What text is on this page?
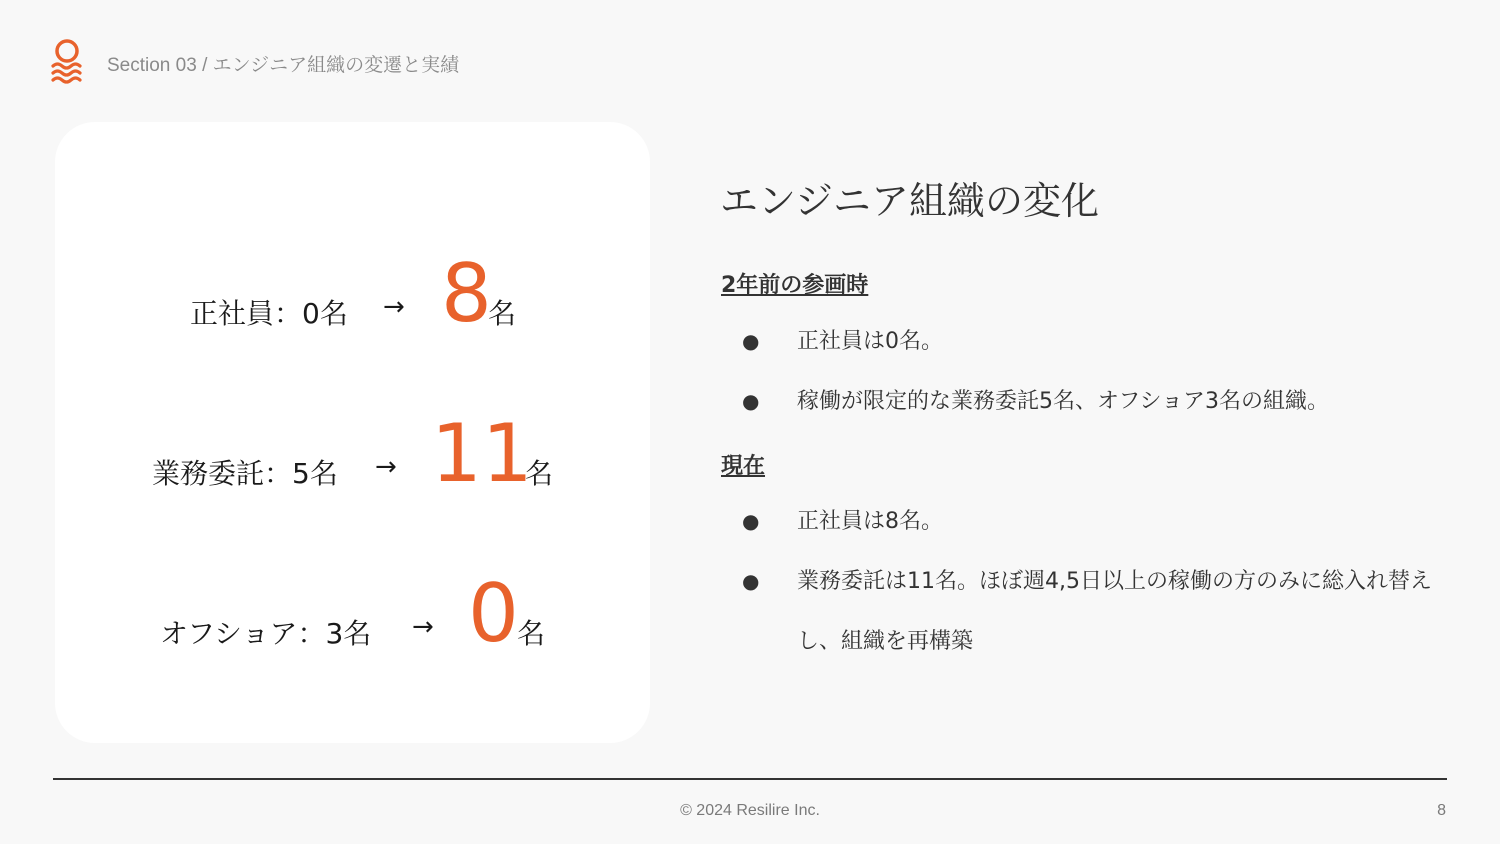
Section 03 / エンジニア組織の変遷と実績
正社員：0名 → 8
名
業務委託：5名 → 11
名
オフショア：3名 → 0
名
エンジニア組織の変化
2年前の参画時
● 正社員は0名。
● 稼働が限定的な業務委託5名、オフショア3名の組織。
現在
● 正社員は8名。
● 業務委託は11名。ほぼ週4,5日以上の稼働の方のみに総入れ替えし、組織を再構築
© 2024 Resilire Inc.	8
